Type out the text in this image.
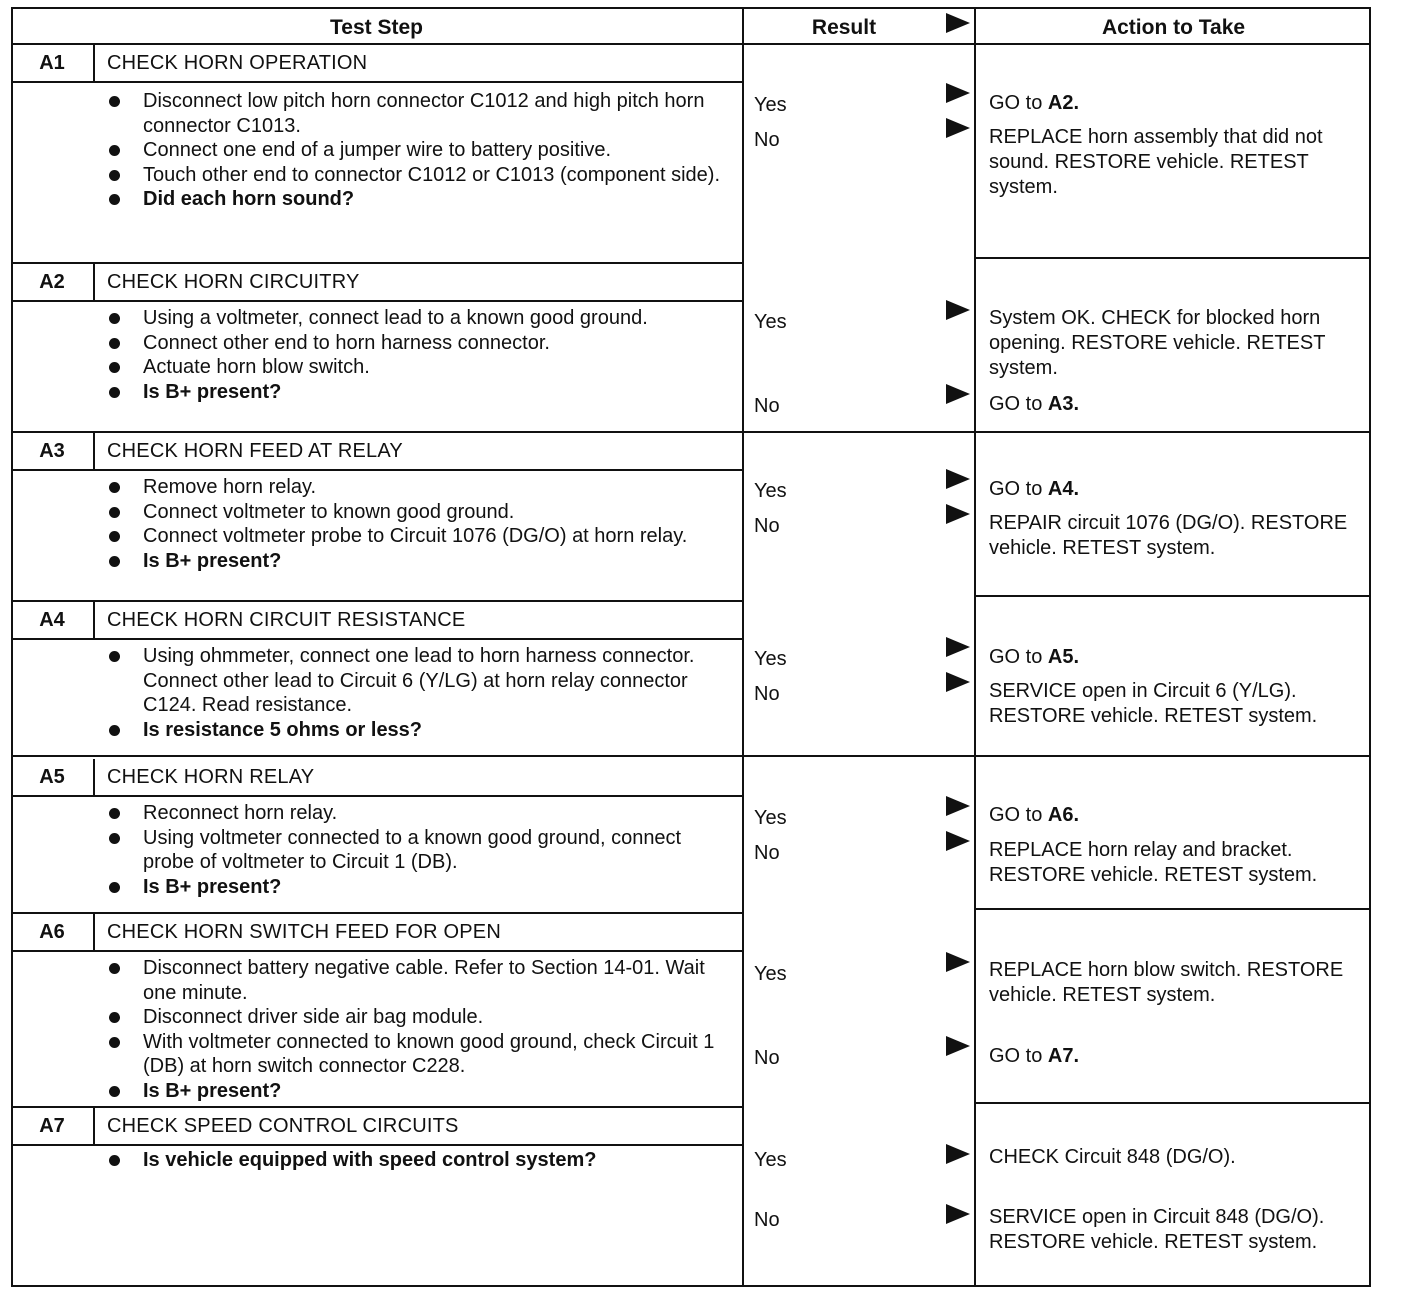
Test Step	Result	Action to Take
A1	CHECK HORN OPERATION
Disconnect low pitch horn connector C1012 and high pitch horn connector C1013.
Connect one end of a jumper wire to battery positive.
Touch other end to connector C1012 or C1013 (component side).
Did each horn sound?
Yes	GO to A2.
No	REPLACE horn assembly that did not sound. RESTORE vehicle. RETEST system.
A2	CHECK HORN CIRCUITRY
Using a voltmeter, connect lead to a known good ground.
Connect other end to horn harness connector.
Actuate horn blow switch.
Is B+ present?
Yes	System OK. CHECK for blocked horn opening. RESTORE vehicle. RETEST system.
No	GO to A3.
A3	CHECK HORN FEED AT RELAY
Remove horn relay.
Connect voltmeter to known good ground.
Connect voltmeter probe to Circuit 1076 (DG/O) at horn relay.
Is B+ present?
Yes	GO to A4.
No	REPAIR circuit 1076 (DG/O). RESTORE vehicle. RETEST system.
A4	CHECK HORN CIRCUIT RESISTANCE
Using ohmmeter, connect one lead to horn harness connector. Connect other lead to Circuit 6 (Y/LG) at horn relay connector C124. Read resistance.
Is resistance 5 ohms or less?
Yes	GO to A5.
No	SERVICE open in Circuit 6 (Y/LG). RESTORE vehicle. RETEST system.
A5	CHECK HORN RELAY
Reconnect horn relay.
Using voltmeter connected to a known good ground, connect probe of voltmeter to Circuit 1 (DB).
Is B+ present?
Yes	GO to A6.
No	REPLACE horn relay and bracket. RESTORE vehicle. RETEST system.
A6	CHECK HORN SWITCH FEED FOR OPEN
Disconnect battery negative cable. Refer to Section 14-01. Wait one minute.
Disconnect driver side air bag module.
With voltmeter connected to known good ground, check Circuit 1 (DB) at horn switch connector C228.
Is B+ present?
Yes	REPLACE horn blow switch. RESTORE vehicle. RETEST system.
No	GO to A7.
A7	CHECK SPEED CONTROL CIRCUITS
Is vehicle equipped with speed control system?	Yes	CHECK Circuit 848 (DG/O).
No	SERVICE open in Circuit 848 (DG/O). RESTORE vehicle. RETEST system.
